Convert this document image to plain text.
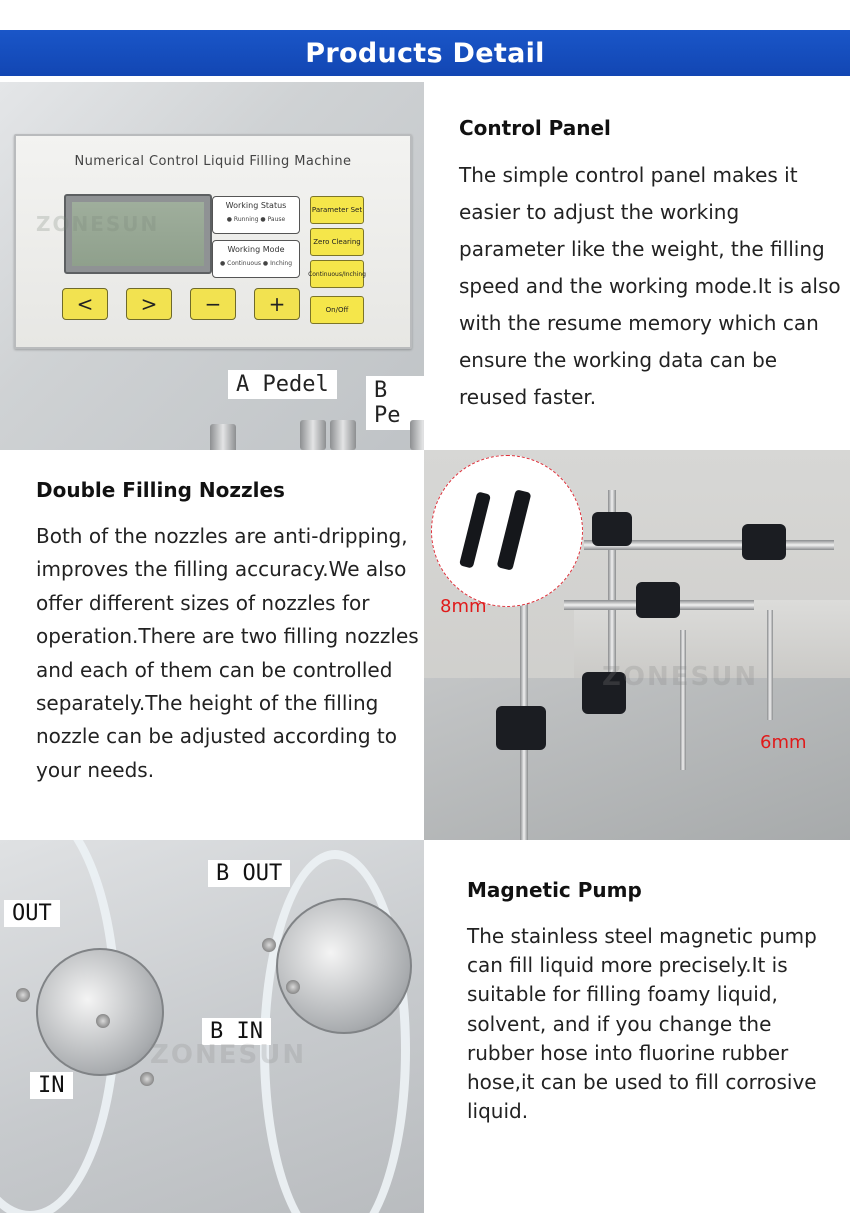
Products Detail
Numerical Control Liquid Filling Machine
ZONESUN
Working Status
● Running ● Pause
Working Mode
● Continuous ● Inching
Parameter Set
Zero Clearing
Continuous/Inching
On/Off
<	>	−	+
A Pedel	B Pe
Control Panel
The simple control panel makes it easier to adjust the working parameter like the weight, the filling speed and the working mode.It is also with the resume memory which can ensure the working data can be reused faster.
Double Filling Nozzles
Both of the nozzles are anti-dripping, improves the filling accuracy.We also offer different sizes of nozzles for operation.There are two filling nozzles and each of them can be controlled separately.The height of the filling nozzle can be adjusted according to your needs.
8mm
6mm
ZONESUN
OUT
B OUT
B IN
IN
ZONESUN
Magnetic Pump
The stainless steel magnetic pump can fill liquid more precisely.It is suitable for filling foamy liquid, solvent, and if you change the rubber hose into fluorine rubber hose,it can be used to fill corrosive liquid.
